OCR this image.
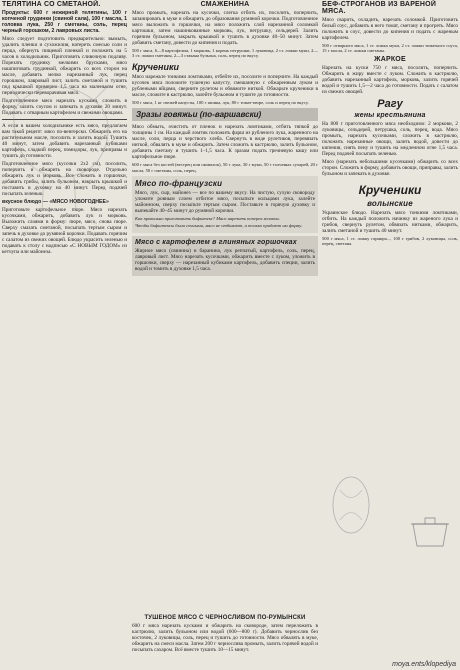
ТЕЛЯТИНА СО СМЕТАНОЙ.
Продукты: 600 г нежирной телятины, 100 г копченой грудинки (свиной сала), 100 г масла, 1 головка лука, 250 г сметаны, соль, перец черный горошком, 2 лавровых листа.
Мясо следует подготовить предварительно: вымыть, удалить пленки и сухожилия, натереть смесью соли и перца, обернуть пищевой пленкой и положить на 5 часов в холодильник. Приготовить сливочную подливу. Порезать грудинку мелкими брусками, мясо нашпиговать грудинкой, обжарить со всех сторон на масле, добавить мелко нарезанный лук, перец горошком, лавровый лист, залить сметаной и тушить под крышкой примерно 1,5 часа на маленьком огне, периодически переворачивая мясо.
Подготовленное мясо нарезать кусками, сложить в форму, залить соусом и запекать в духовке 20 минут. Подавать с отварным картофелем и свежими овощами.
А если в вашем холодильнике есть мясо, предлагаем вам такой рецепт: мясо по-венгерски. Обжарить его на растительном масле, посолить и залить водой. Тушить 40 минут, затем добавить нарезанный кубиками картофель, сладкий перец, помидоры, лук, приправы и тушить до готовности.
Подготовленное мясо (кусочки 2х2 см), посолить, поперчить и обжарить на сковороде. Отдельно обжарить лук и морковь. Все сложить в горшочки, добавить грибы, залить бульоном, накрыть крышкой и поставить в духовку на 40 минут. Перед подачей посыпать зеленью.
вкусное блюдо — «МЯСО НОВОГОДНЕЕ»
Приготовьте картофельное пюре. Мясо нарезать кусочками, обжарить, добавить лук и морковь. Выложить слоями в форму: пюре, мясо, снова пюре. Сверху смазать сметаной, посыпать тертым сыром и запечь в духовке до румяной корочки. Подавать горячим с салатом из свежих овощей. Блюдо украсить зеленью и подавать к столу с надписью «С НОВЫМ ГОДОМ» из кетчупа или майонеза.
СМАЖЕНИНА
Мясо промыть, нарезать на кусочки, слегка отбить их, посолить, поперчить, запанировать в муке и обжарить до образования румяной корочки. Подготовленное мясо выложить в горшочки, на мясо положить слой нарезанной соломкой картошки, затем нашинкованные морковь, лук, петрушку, сельдерей. Залить горячим бульоном, закрыть крышкой и тушить в духовке 40–50 минут. Затем добавить сметану, довести до кипения и подать.
500 г мяса, 6—8 картофелин, 1 морковь, 1 корень петрушки, 1 луковица, 2 ст. ложки муки, 2—3 ст. ложки сметаны, 2—3 стакана бульона, соль, перец по вкусу.
Крученики
Мясо нарежьте тонкими ломтиками, отбейте их, посолите и поперчите. На каждый кусочек мяса положите тушеную капусту, смешанную с обжаренным луком и рублеными яйцами, сверните рулетом и обвяжите ниткой. Обжарьте крученики в масле, сложите в кастрюлю, залейте бульоном и тушите до готовности.
500 г мяса, 1 кг свежей капусты, 100 г шпика, лук, 80 г томат-пюре, соль и перец по вкусу.
Зразы говяжьи (по-варшавски)
Мясо обмыть, очистить от пленок и нарезать ломтиками, отбить тяпкой до толщины 1 см. На каждый ломтик положить фарш из рубленого лука, жаренного на масле, соли, перца и черствого хлеба. Свернуть в виде рулетиков, перевязать ниткой, обвалять в муке и обжарить. Затем сложить в кастрюлю, залить бульоном, добавить сметану и тушить 1–1,5 часа. К зразам подать гречневую кашу или картофельное пюре.
600 г мяса без костей (вестрец или оковалок), 50 г лука, 30 г муки, 50 г толченых сухарей, 20 г масла, 50 г сметаны, соль, перец.
Мясо по-французски
Мясо, лук, сыр, майонез — все по вашему вкусу. На чистую, сухую сковороду уложите ровным слоем отбитое мясо, посыпьте кольцами лука, залейте майонезом, сверху посыпьте тертым сыром. Поставьте в горячую духовку и выпекайте 40–45 минут до румяной корочки.
Как правильно приготовить бифштекс? Мясо нарезать поперек волокон.
Чтобы бифштексы были сочными, мясо не отбивают, а только придают им форму.
Мясо с картофелем в глиняных горшочках
Жирное мясо (свинина) и баранина, лук репчатый, картофель, соль, перец, лавровый лист. Мясо нарезать кусочками, обжарить вместе с луком, уложить в горшочки, сверху — нарезанный кубиками картофель, добавить специи, залить водой и томить в духовке 1,5 часа.
ТУШЕНОЕ МЯСО С ЧЕРНОСЛИВОМ ПО-РУМЫНСКИ
600 г мяса нарезать кусками и обжарить на сковороде, затем переложить в кастрюлю, залить бульоном или водой (600—800 г). Добавить чернослив без косточек, 2 луковицы, соль, перец и тушить до готовности. Мясо обвалять в муке, обжарить на смеси масла. Затем 200 г чернослива промыть, залить горячей водой и посыпать сахаром. Всё вместе тушить 10—15 минут.
БЕФ-СТРОГАНОВ ИЗ ВАРЕНОЙ МЯСА.
Мясо сварить, охладить, нарезать соломкой. Приготовить белый соус, добавить в него томат, сметану и прогреть. Мясо положить в соус, довести до кипения и подать с жареным картофелем.
500 г отварного мяса, 1 ст. ложка муки, 2 ст. ложки томатного соуса, 15 г масла, 2 ст. ложки сметаны.
ЖАРКОЕ
Нарезать на куски 750 г мяса, посолить, поперчить. Обжарить в жиру вместе с луком. Сложить в кастрюлю, добавить нарезанный картофель, морковь, залить горячей водой и тушить 1,5—2 часа до готовности. Подать с салатом из свежих овощей.
Рагу
жены крестьянина
На 800 г приготовленного мяса необходимо: 2 моркови, 2 луковицы, сельдерей, петрушка, соль, перец, вода. Мясо промыть, нарезать кусочками, сложить в кастрюлю, положить нарезанные овощи, залить водой, довести до кипения, снять пену и тушить на медленном огне 1,5 часа. Перед подачей посыпать зеленью.
Мясо (нарезать небольшими кусочками) обжарить со всех сторон. Сложить в форму, добавить овощи, приправы, залить бульоном и запекать в духовке.
Крученики
волынские
Украинское блюдо. Нарезать мясо тонкими ломтиками, отбить. На каждый положить начинку из жареного лука и грибов, свернуть рулетом, обвязать нитками, обжарить, залить сметаной и тушить 40 минут.
500 г мяса, 1 ст. ложку гарнира..., 100 г грибов, 2 луковицы, соль, перец, сметана.
moya.ents/klopediya
